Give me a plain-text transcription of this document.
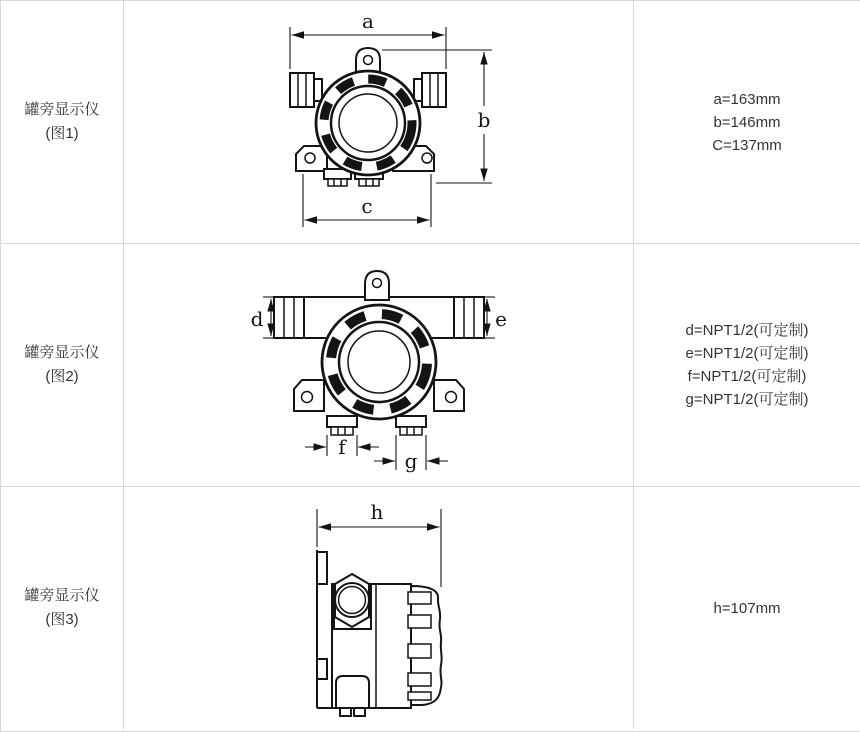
罐旁显示仪
(图1)
a
b
c
a=163mm
b=146mm
C=137mm
罐旁显示仪
(图2)
d	e
f
g
d=NPT1/2(可定制)
e=NPT1/2(可定制)
f=NPT1/2(可定制)
g=NPT1/2(可定制)
罐旁显示仪
(图3)
h
h=107mm
